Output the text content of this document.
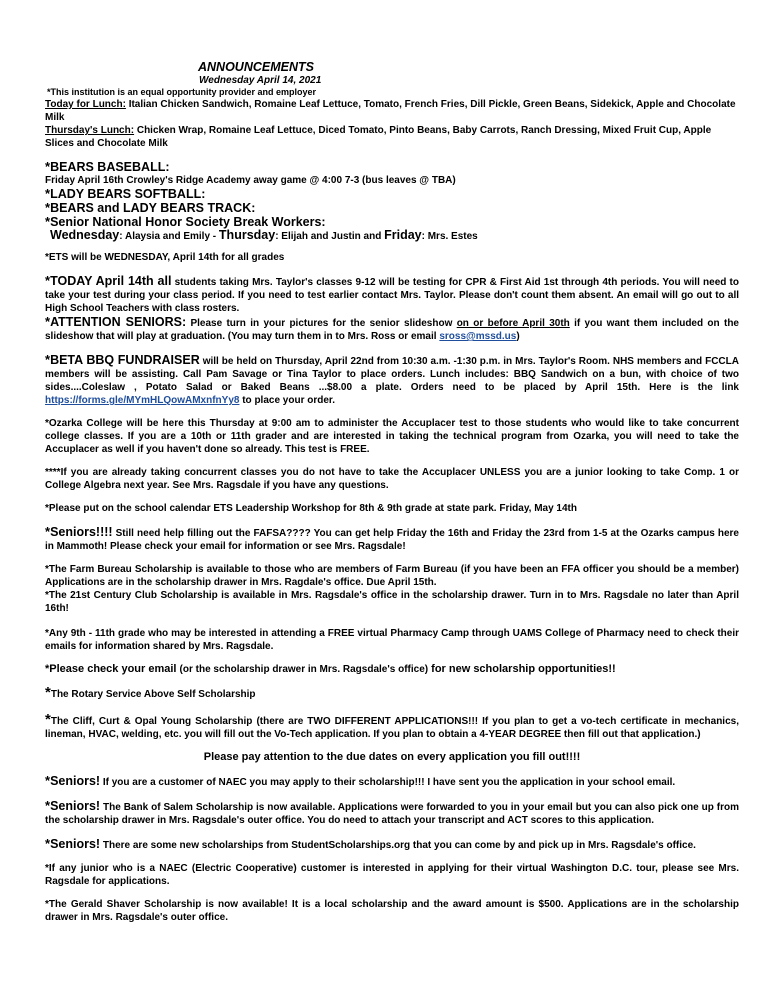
ANNOUNCEMENTS
Wednesday April 14, 2021
*This institution is an equal opportunity provider and employer

Today for Lunch: Italian Chicken Sandwich, Romaine Leaf Lettuce, Tomato, French Fries, Dill Pickle, Green Beans, Sidekick, Apple and Chocolate Milk

Thursday's Lunch: Chicken Wrap, Romaine Leaf Lettuce, Diced Tomato, Pinto Beans, Baby Carrots, Ranch Dressing, Mixed Fruit Cup, Apple Slices and Chocolate Milk

*BEARS BASEBALL:

Friday April 16th Crowley's Ridge Academy away game @ 4:00 7-3 (bus leaves @ TBA)

*LADY BEARS SOFTBALL:

*BEARS and LADY BEARS TRACK:

*Senior National Honor Society Break Workers:

Wednesday: Alaysia and Emily - Thursday: Elijah and Justin and Friday: Mrs. Estes

*ETS will be WEDNESDAY, April 14th for all grades

*TODAY April 14th all students taking Mrs. Taylor's classes 9-12 will be testing for CPR & First Aid 1st through 4th periods. You will need to take your test during your class period. If you need to test earlier contact Mrs. Taylor. Please don't count them absent. An email will go out to all High School Teachers with class rosters.

*ATTENTION SENIORS: Please turn in your pictures for the senior slideshow on or before April 30th if you want them included on the slideshow that will play at graduation. (You may turn them in to Mrs. Ross or email sross@mssd.us)

*BETA BBQ FUNDRAISER will be held on Thursday, April 22nd from 10:30 a.m. -1:30 p.m. in Mrs. Taylor's Room. NHS members and FCCLA members will be assisting. Call Pam Savage or Tina Taylor to place orders. Lunch includes: BBQ Sandwich on a bun, with choice of two sides....Coleslaw , Potato Salad or Baked Beans ...$8.00 a plate. Orders need to be placed by April 15th. Here is the link https://forms.gle/MYmHLQowAMxnfnYy8 to place your order.

*Ozarka College will be here this Thursday at 9:00 am to administer the Accuplacer test to those students who would like to take concurrent college classes. If you are a 10th or 11th grader and are interested in taking the technical program from Ozarka, you will need to take the Accuplacer as well if you haven't done so already. This test is FREE.

****If you are already taking concurrent classes you do not have to take the Accuplacer UNLESS you are a junior looking to take Comp. 1 or College Algebra next year. See Mrs. Ragsdale if you have any questions.

*Please put on the school calendar ETS Leadership Workshop for 8th & 9th grade at state park. Friday, May 14th

*Seniors!!!! Still need help filling out the FAFSA???? You can get help Friday the 16th and Friday the 23rd from 1-5 at the Ozarks campus here in Mammoth! Please check your email for information or see Mrs. Ragsdale!

*The Farm Bureau Scholarship is available to those who are members of Farm Bureau (if you have been an FFA officer you should be a member) Applications are in the scholarship drawer in Mrs. Ragdale's office. Due April 15th.

*The 21st Century Club Scholarship is available in Mrs. Ragsdale's office in the scholarship drawer. Turn in to Mrs. Ragsdale no later than April 16th!

*Any 9th - 11th grade who may be interested in attending a FREE virtual Pharmacy Camp through UAMS College of Pharmacy need to check their emails for information shared by Mrs. Ragsdale.

*Please check your email (or the scholarship drawer in Mrs. Ragsdale's office) for new scholarship opportunities!!

*The Rotary Service Above Self Scholarship

*The Cliff, Curt & Opal Young Scholarship (there are TWO DIFFERENT APPLICATIONS!!! If you plan to get a vo-tech certificate in mechanics, lineman, HVAC, welding, etc. you will fill out the Vo-Tech application. If you plan to obtain a 4-YEAR DEGREE then fill out that application.)

Please pay attention to the due dates on every application you fill out!!!!

*Seniors! If you are a customer of NAEC you may apply to their scholarship!!! I have sent you the application in your school email.

*Seniors! The Bank of Salem Scholarship is now available. Applications were forwarded to you in your email but you can also pick one up from the scholarship drawer in Mrs. Ragsdale's outer office. You do need to attach your transcript and ACT scores to this application.

*Seniors! There are some new scholarships from StudentScholarships.org that you can come by and pick up in Mrs. Ragsdale's office.

*If any junior who is a NAEC (Electric Cooperative) customer is interested in applying for their virtual Washington D.C. tour, please see Mrs. Ragsdale for applications.

*The Gerald Shaver Scholarship is now available! It is a local scholarship and the award amount is $500. Applications are in the scholarship drawer in Mrs. Ragsdale's outer office.
